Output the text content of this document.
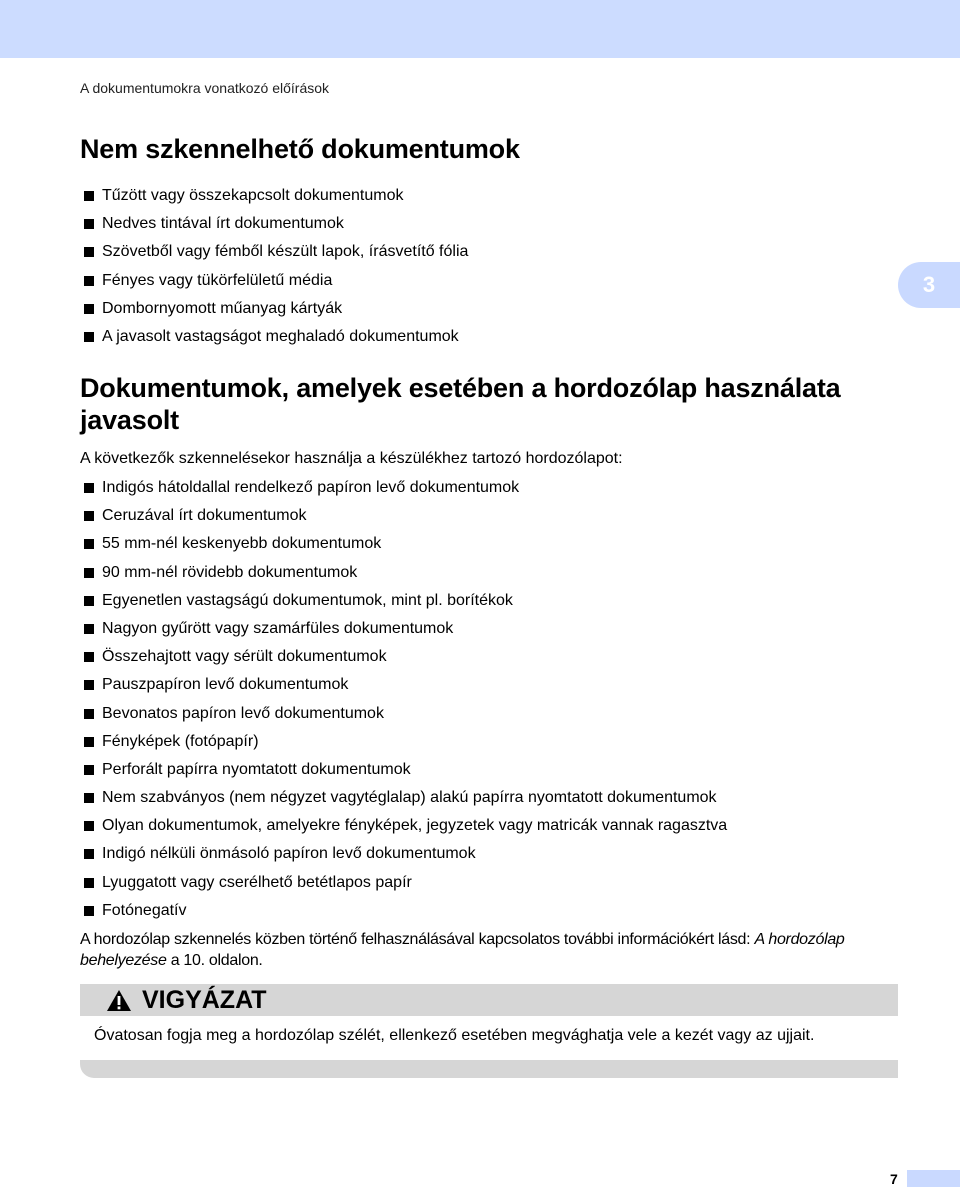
A dokumentumokra vonatkozó előírások
3
Nem szkennelhető dokumentumok
Tűzött vagy összekapcsolt dokumentumok
Nedves tintával írt dokumentumok
Szövetből vagy fémből készült lapok, írásvetítő fólia
Fényes vagy tükörfelületű média
Dombornyomott műanyag kártyák
A javasolt vastagságot meghaladó dokumentumok
Dokumentumok, amelyek esetében a hordozólap használata javasolt
A következők szkennelésekor használja a készülékhez tartozó hordozólapot:
Indigós hátoldallal rendelkező papíron levő dokumentumok
Ceruzával írt dokumentumok
55 mm-nél keskenyebb dokumentumok
90 mm-nél rövidebb dokumentumok
Egyenetlen vastagságú dokumentumok, mint pl. borítékok
Nagyon gyűrött vagy szamárfüles dokumentumok
Összehajtott vagy sérült dokumentumok
Pauszpapíron levő dokumentumok
Bevonatos papíron levő dokumentumok
Fényképek (fotópapír)
Perforált papírra nyomtatott dokumentumok
Nem szabványos (nem négyzet vagytéglalap) alakú papírra nyomtatott dokumentumok
Olyan dokumentumok, amelyekre fényképek, jegyzetek vagy matricák vannak ragasztva
Indigó nélküli önmásoló papíron levő dokumentumok
Lyuggatott vagy cserélhető betétlapos papír
Fotónegatív
A hordozólap szkennelés közben történő felhasználásával kapcsolatos további információkért lásd: A hordozólap behelyezése a 10. oldalon.
VIGYÁZAT
Óvatosan fogja meg a hordozólap szélét, ellenkező esetében megvághatja vele a kezét vagy az ujjait.
7
